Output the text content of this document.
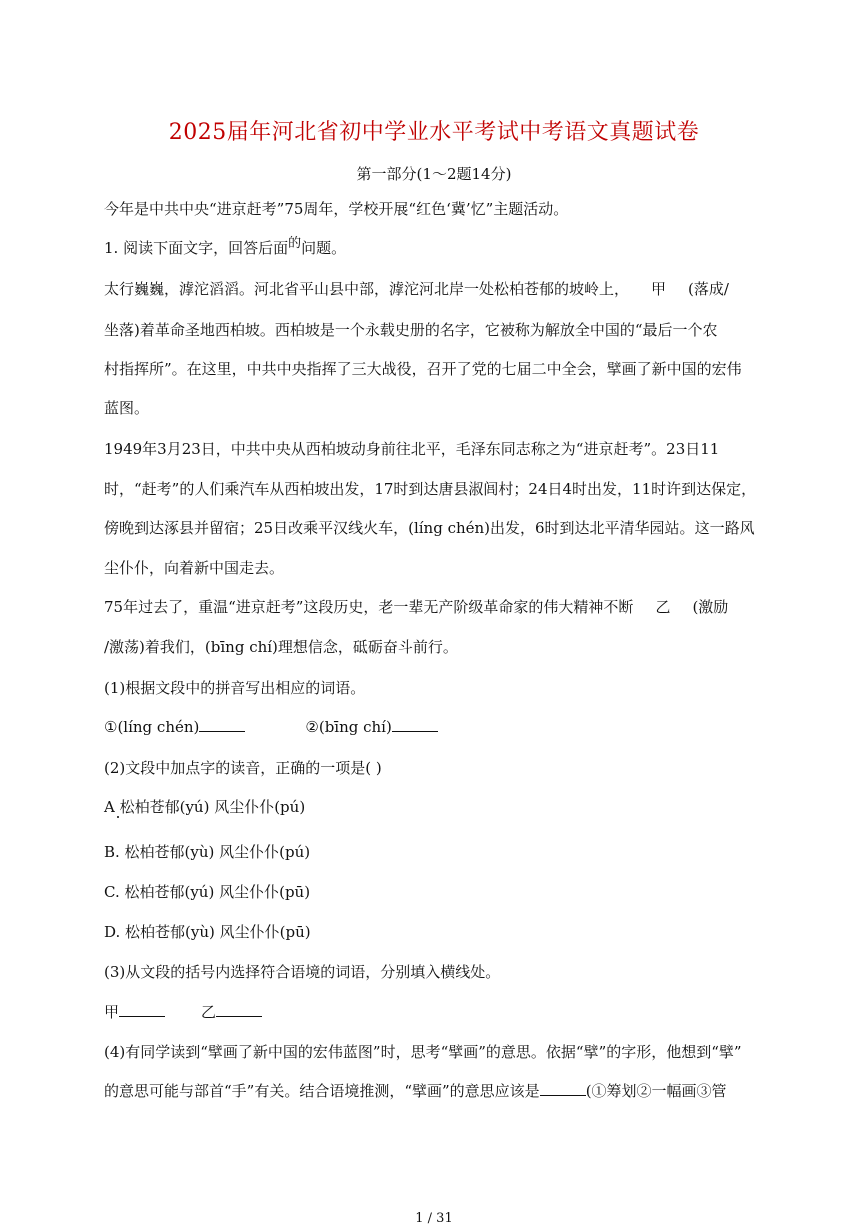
2025届年河北省初中学业水平考试中考语文真题试卷
第一部分(1～2题14分)
今年是中共中央“进京赶考”75周年，学校开展“红色‘冀’忆”主题活动。
1. 阅读下面文字，回答后面的问题。
太行巍巍，滹沱滔滔。河北省平山县中部，滹沱河北岸一处松柏苍郁的坡岭上， 甲 (落成/
坐落)着革命圣地西柏坡。西柏坡是一个永载史册的名字，它被称为解放全中国的“最后一个农
村指挥所”。在这里，中共中央指挥了三大战役，召开了党的七届二中全会，擘画了新中国的宏伟
蓝图。
1949年3月23日，中共中央从西柏坡动身前往北平，毛泽东同志称之为“进京赶考”。23日11
时，“赶考”的人们乘汽车从西柏坡出发，17时到达唐县淑闾村；24日4时出发，11时许到达保定，
傍晚到达涿县并留宿；25日改乘平汉线火车，(líng chén)出发，6时到达北平清华园站。这一路风
尘仆仆，向着新中国走去。
75年过去了，重温“进京赶考”这段历史，老一辈无产阶级革命家的伟大精神不断 乙 (激励
/激荡)着我们，(bīng chí)理想信念，砥砺奋斗前行。
(1)根据文段中的拼音写出相应的词语。
①(líng chén)	②(bīng chí)
(2)文段中加点字的读音，正确的一项是( )
A 松柏苍郁(yú) 风尘仆仆(pú)
B. 松柏苍郁(yù) 风尘仆仆(pú)
C. 松柏苍郁(yú) 风尘仆仆(pū)
D. 松柏苍郁(yù) 风尘仆仆(pū)
(3)从文段的括号内选择符合语境的词语，分别填入横线处。
甲	乙
(4)有同学读到“擘画了新中国的宏伟蓝图”时，思考“擘画”的意思。依据“擘”的字形，他想到“擘”
的意思可能与部首“手”有关。结合语境推测，“擘画”的意思应该是	(①筹划②一幅画③管
1 / 31
